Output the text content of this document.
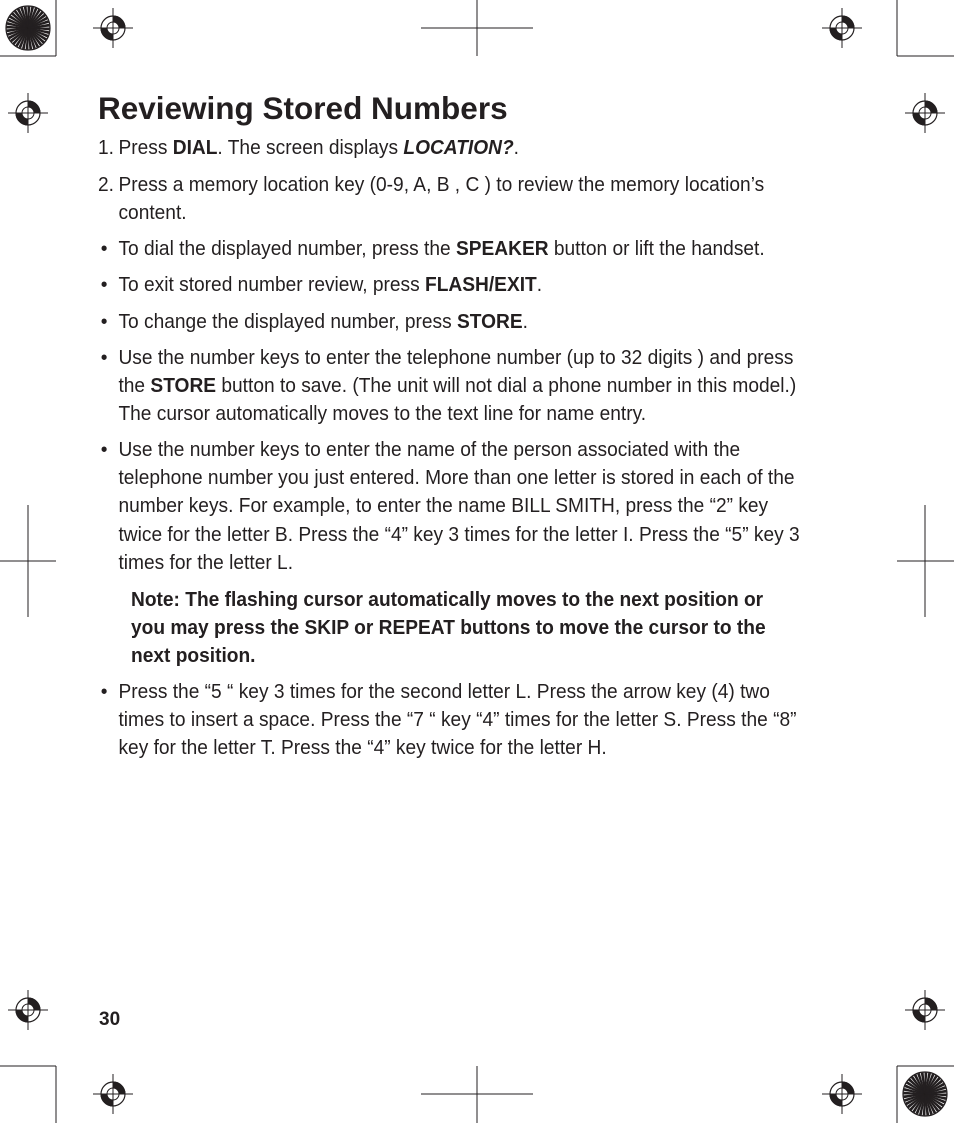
Reviewing Stored Numbers
1. Press DIAL. The screen displays LOCATION?.
2. Press a memory location key (0-9, A, B , C ) to review the memory location’s content.
• To dial the displayed number, press the SPEAKER button or lift the handset.
• To exit stored number review, press FLASH/EXIT.
• To change the displayed number, press STORE.
• Use the number keys to enter the telephone number (up to 32 digits ) and press the STORE button to save. (The unit will not dial a phone number in this model.) The cursor automatically moves to the text line for name entry.
• Use the number keys to enter the name of the person associated with the telephone number you just entered. More than one letter is stored in each of the number keys. For example, to enter the name BILL SMITH, press the “2” key twice for the letter B. Press the “4” key 3 times for the letter I. Press the “5” key 3 times for the letter L.
Note: The flashing cursor automatically moves to the next position or you may press the SKIP or REPEAT buttons to move the cursor to the next position.
• Press the “5 “ key 3 times for the second letter L. Press the arrow key (4) two times to insert a space. Press the “7 “ key “4” times for the letter S. Press the “8” key for the letter T. Press the “4” key twice for the letter H.
30
